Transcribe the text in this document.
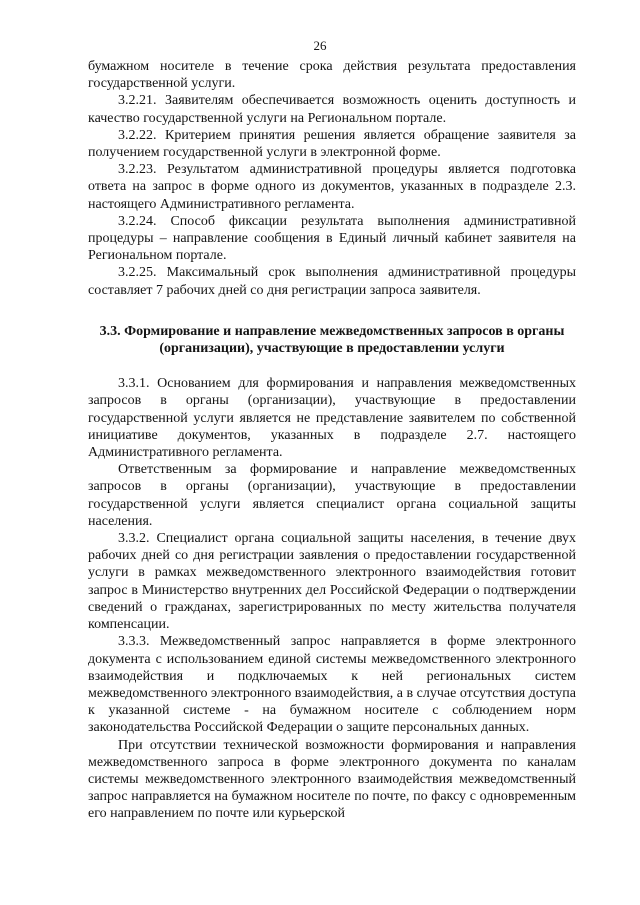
26

бумажном носителе в течение срока действия результата предоставления государственной услуги.

3.2.21. Заявителям обеспечивается возможность оценить доступность и качество государственной услуги на Региональном портале.

3.2.22. Критерием принятия решения является обращение заявителя за получением государственной услуги в электронной форме.

3.2.23. Результатом административной процедуры является подготовка ответа на запрос в форме одного из документов, указанных в подразделе 2.3. настоящего Административного регламента.

3.2.24. Способ фиксации результата выполнения административной процедуры – направление сообщения в Единый личный кабинет заявителя на Региональном портале.

3.2.25. Максимальный срок выполнения административной процедуры составляет 7 рабочих дней со дня регистрации запроса заявителя.

3.3. Формирование и направление межведомственных запросов в органы (организации), участвующие в предоставлении услуги

3.3.1. Основанием для формирования и направления межведомственных запросов в органы (организации), участвующие в предоставлении государственной услуги является не представление заявителем по собственной инициативе документов, указанных в подразделе 2.7. настоящего Административного регламента.

Ответственным за формирование и направление межведомственных запросов в органы (организации), участвующие в предоставлении государственной услуги является специалист органа социальной защиты населения.

3.3.2. Специалист органа социальной защиты населения, в течение двух рабочих дней со дня регистрации заявления о предоставлении государственной услуги в рамках межведомственного электронного взаимодействия готовит запрос в Министерство внутренних дел Российской Федерации о подтверждении сведений о гражданах, зарегистрированных по месту жительства получателя компенсации.

3.3.3. Межведомственный запрос направляется в форме электронного документа с использованием единой системы межведомственного электронного взаимодействия и подключаемых к ней региональных систем межведомственного электронного взаимодействия, а в случае отсутствия доступа к указанной системе - на бумажном носителе с соблюдением норм законодательства Российской Федерации о защите персональных данных.

При отсутствии технической возможности формирования и направления межведомственного запроса в форме электронного документа по каналам системы межведомственного электронного взаимодействия межведомственный запрос направляется на бумажном носителе по почте, по факсу с одновременным его направлением по почте или курьерской
